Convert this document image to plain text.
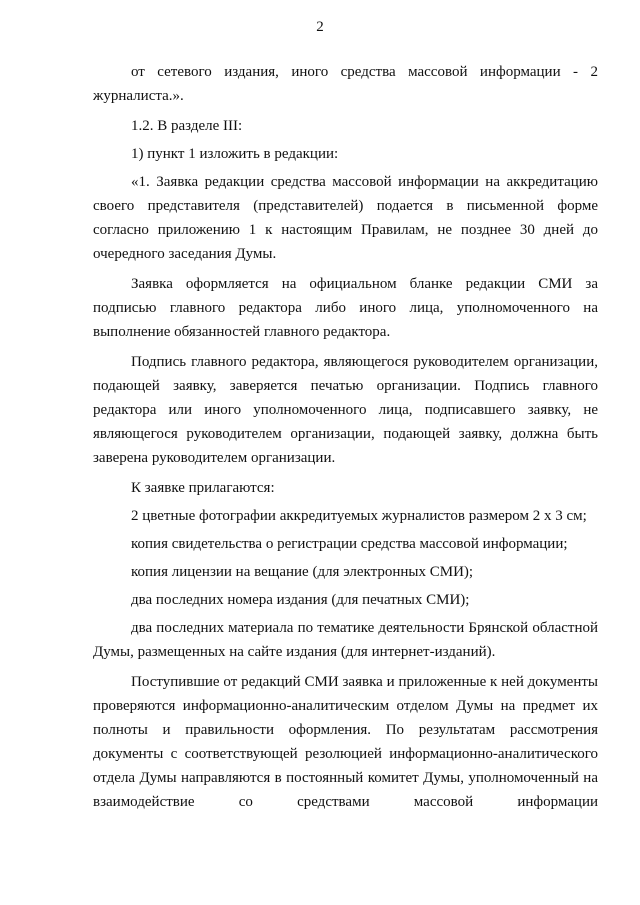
2

от сетевого издания, иного средства массовой информации - 2 журналиста.».

1.2. В разделе III:

1) пункт 1 изложить в редакции:

«1. Заявка редакции средства массовой информации на аккредитацию своего представителя (представителей) подается в письменной форме согласно приложению 1 к настоящим Правилам, не позднее 30 дней до очередного заседания Думы.

Заявка оформляется на официальном бланке редакции СМИ за подписью главного редактора либо иного лица, уполномоченного на выполнение обязанностей главного редактора.

Подпись главного редактора, являющегося руководителем организации, подающей заявку, заверяется печатью организации. Подпись главного редактора или иного уполномоченного лица, подписавшего заявку, не являющегося руководителем организации, подающей заявку, должна быть заверена руководителем организации.

К заявке прилагаются:

2 цветные фотографии аккредитуемых журналистов размером 2 х 3 см;

копия свидетельства о регистрации средства массовой информации;

копия лицензии на вещание (для электронных СМИ);

два последних номера издания (для печатных СМИ);

два последних материала по тематике деятельности Брянской областной Думы, размещенных на сайте издания (для интернет-изданий).

Поступившие от редакций СМИ заявка и приложенные к ней документы проверяются информационно-аналитическим отделом Думы на предмет их полноты и правильности оформления. По результатам рассмотрения документы с соответствующей резолюцией информационно-аналитического отдела Думы направляются в постоянный комитет Думы, уполномоченный на взаимодействие со средствами массовой информации
